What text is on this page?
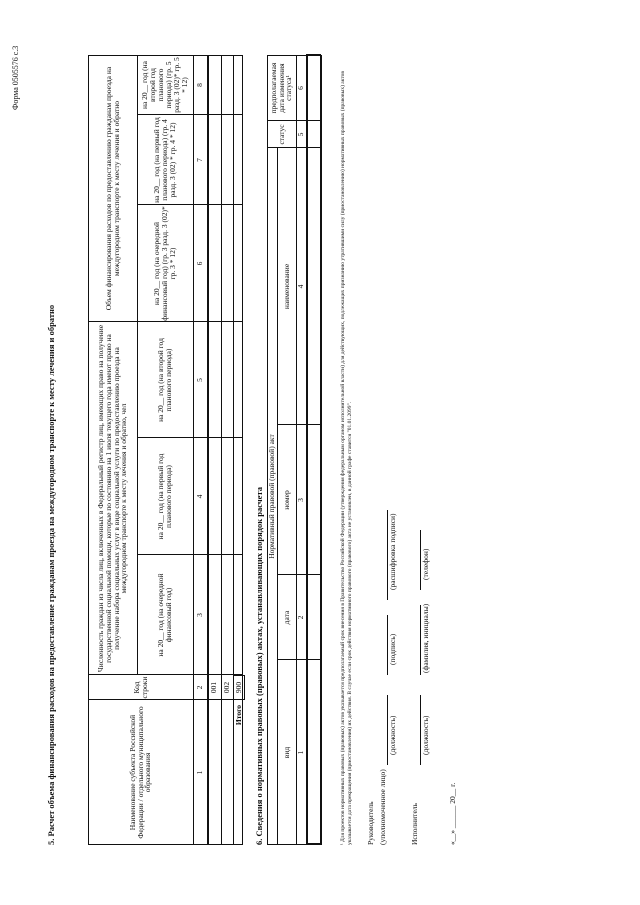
Форма 0505576 с.3
5. Расчет объема финансирования расходов на предоставление гражданам проезда на междугородном транспорте к месту лечения и обратно	Наименование субъекта Российской Федерации / отдельного муниципального образования
Код строки
Численность граждан из числа лиц, включенных в Федеральный регистр лиц, имеющих право на получение государственной социальной помощи, которые по состоянию на 1 июля текущего года имеют право на получение набора социальных услуг в виде социальной услуги по предоставлению проезда на междугородном транспорте к месту лечения и обратно, чел
Объем финансирования расходов по предоставлению гражданам проезда на междугородном транспорте к месту лечения и обратно
на 20__ год (на очередной финансовый год)
на 20__ год (на первый год планового периода)
на 20__ год (на второй год планового периода)
на 20__ год (на очередной финансовый год) (гр. 3 разд. 3 (02)* гр. 3 * 12)
на 20__ год (на первый год планового периода) (гр. 4 разд. 3 (02) * гр. 4 * 12)
на 20__ год (на второй год планового периода) (гр. 5 разд. 3 (02)* гр. 5 * 12)
1
2
3
4
5
6
7
8
001 002
Итого
900 6. Сведения о нормативных правовых (правовых) актах, устанавливающих порядок расчета Нормативный правовой (правовой) акт
вид
дата
номер
наименование
статус
предполагаемая дата изменения статуса¹
1
2
3
4
5
6	¹ Для проектов нормативных правовых (правовых) актов указывается предполагаемый срок внесения в Правительство Российской Федерации (утверждения федеральным органом исполнительной власти) для действующих, подлежащих признанию утратившими силу (приостановлению) нормативных правовых (правовых) актов указывается дата прекращения (приостановления) их действия. В случае если срок действия нормативного правового (правового) акта не установлен, в данной графе ставится "01.01.2099". Руководитель (уполномоченное лицо)
(должность)
(подпись)
(расшифровка подписи)
Исполнитель
(должность)
(фамилия, инициалы)
(телефон)
«__» ______ 20__ г.
